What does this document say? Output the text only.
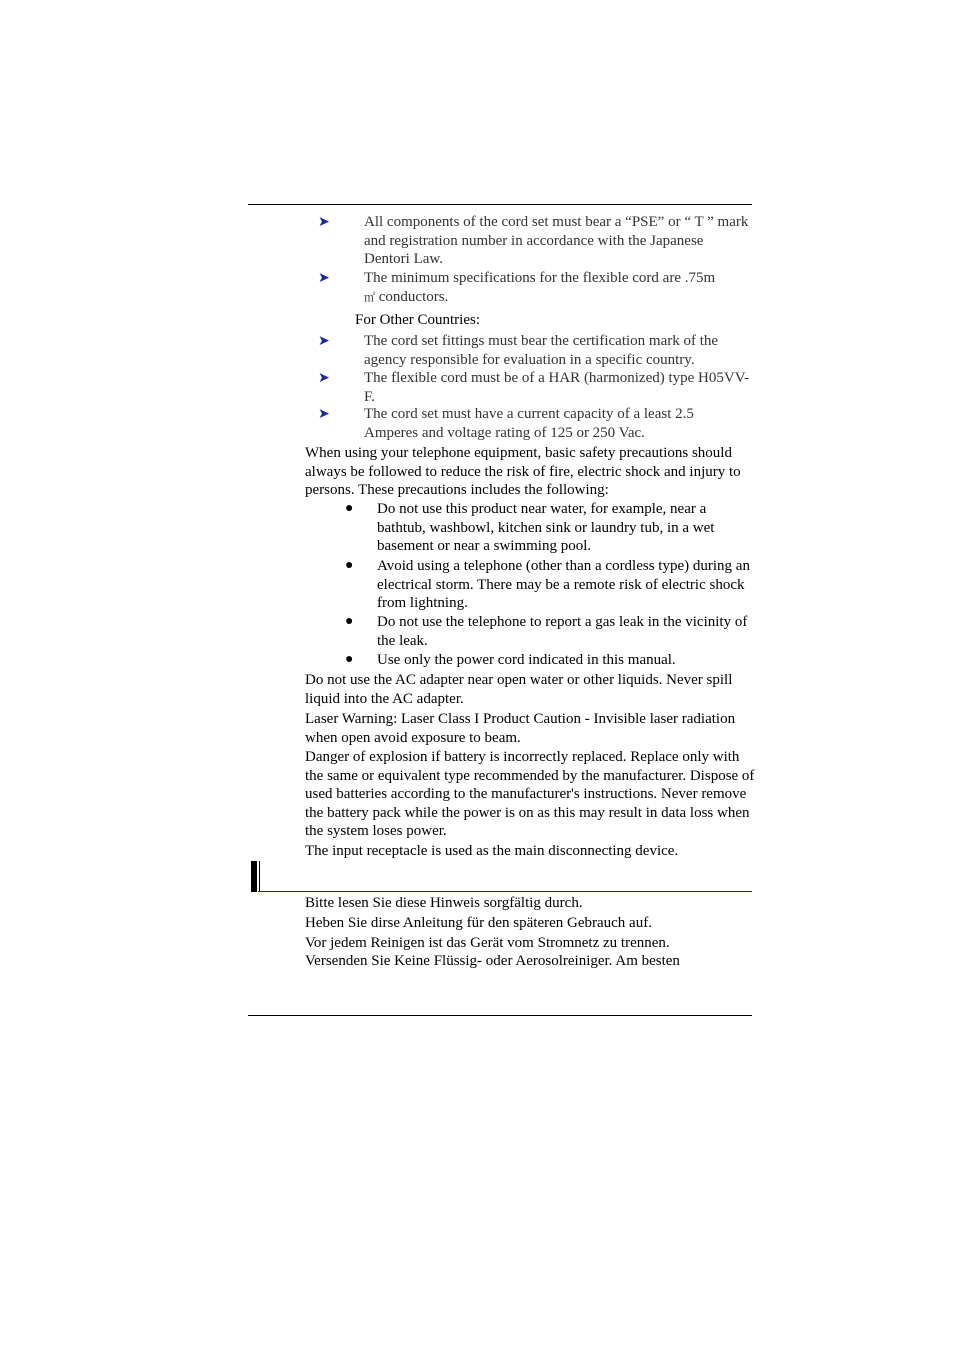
➤ All components of the cord set must bear a “PSE” or “ T ” mark and registration number in accordance with the Japanese Dentori Law.
➤ The minimum specifications for the flexible cord are .75m
㎡ conductors.
For Other Countries:
➤ The cord set fittings must bear the certification mark of the agency responsible for evaluation in a specific country.
➤ The flexible cord must be of a HAR (harmonized) type H05VV-F.
➤ The cord set must have a current capacity of a least 2.5 Amperes and voltage rating of 125 or 250 Vac.
When using your telephone equipment, basic safety precautions should always be followed to reduce the risk of fire, electric shock and injury to persons. These precautions includes the following:
● Do not use this product near water, for example, near a bathtub, washbowl, kitchen sink or laundry tub, in a wet basement or near a swimming pool.
● Avoid using a telephone (other than a cordless type) during an electrical storm. There may be a remote risk of electric shock from lightning.
● Do not use the telephone to report a gas leak in the vicinity of the leak.
● Use only the power cord indicated in this manual.
Do not use the AC adapter near open water or other liquids. Never spill liquid into the AC adapter.
Laser Warning: Laser Class I Product Caution - Invisible laser radiation when open avoid exposure to beam.
Danger of explosion if battery is incorrectly replaced. Replace only with the same or equivalent type recommended by the manufacturer. Dispose of used batteries according to the manufacturer's instructions. Never remove the battery pack while the power is on as this may result in data loss when the system loses power.
The input receptacle is used as the main disconnecting device.
Bitte lesen Sie diese Hinweis sorgfältig durch.
Heben Sie dirse Anleitung für den späteren Gebrauch auf.
Vor jedem Reinigen ist das Gerät vom Stromnetz zu trennen.
Versenden Sie Keine Flüssig- oder Aerosolreiniger. Am besten
